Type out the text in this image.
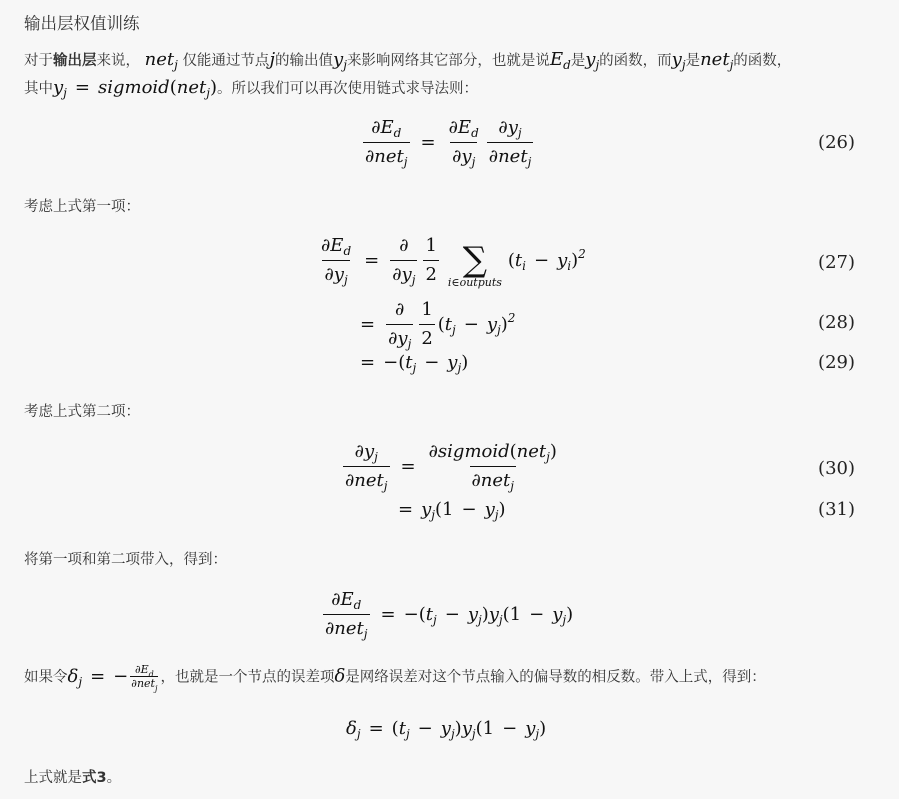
输出层权值训练
对于输出层来说， net$_j$ 仅能通过节点j的输出值$y_j$来影响网络其它部分，也就是说$E_d$是$y_j$的函数，而$y_j$是net$_j$的函数，
其中$y_j$ = sigmoid(net$_j$)。所以我们可以再次使用链式求导法则：
$\frac{\partial E_d}{\partial net_j} = \frac{\partial E_d}{\partial y_j} \frac{\partial y_j}{\partial net_j}$	(26)
考虑上式第一项：
$\frac{\partial E_d}{\partial y_j} = \frac{\partial}{\partial y_j} \frac{1}{2}$ ∑
i∈outputs
$(t_i - y_i)^2$	(27)
= $\frac{\partial}{\partial y_j} \frac{1}{2} (t_j - y_j)^2$	(28)
= $-(t_j - y_j)$	(29)
考虑上式第二项：
$\frac{\partial y_j}{\partial net_j} = \frac{\partial sigmoid(net_j)}{\partial net_j}$	(30)
= $y_j(1 - y_j)$	(31)
将第一项和第二项带入，得到：
$\frac{\partial E_d}{\partial net_j} = -(t_j - y_j)y_j(1 - y_j)$
如果令$\delta_j$ = − $\frac{\partial E_d}{\partial net_j}$ ，也就是一个节点的误差项δ是网络误差对这个节点输入的偏导数的相反数。带入上式，得到：
$\delta_j = (t_j - y_j)y_j(1 - y_j)$
上式就是式3。
